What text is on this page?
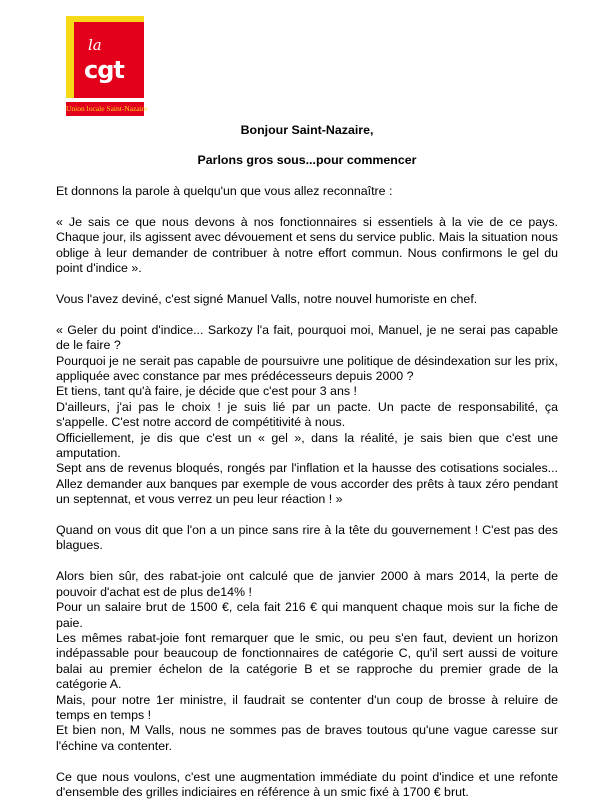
la
cgt
Union locale Saint-Nazaire

Bonjour Saint-Nazaire,

Parlons gros sous...pour commencer

Et donnons la parole à quelqu'un que vous allez reconnaître :

« Je sais ce que nous devons à nos fonctionnaires si essentiels à la vie de ce pays. Chaque jour, ils agissent avec dévouement et sens du service public. Mais la situation nous oblige à leur demander de contribuer à notre effort commun. Nous confirmons le gel du point d'indice ».

Vous l'avez deviné, c'est signé Manuel Valls, notre nouvel humoriste en chef.

« Geler du point d'indice... Sarkozy l'a fait, pourquoi moi, Manuel, je ne serai pas capable de le faire ?
Pourquoi je ne serait pas capable de poursuivre une politique de désindexation sur les prix, appliquée avec constance par mes prédécesseurs depuis 2000 ?
Et tiens, tant qu'à faire, je décide que c'est pour 3 ans !
D'ailleurs, j'ai pas le choix ! je suis lié par un pacte. Un pacte de responsabilité, ça s'appelle. C'est notre accord de compétitivité à nous.
Officiellement, je dis que c'est un « gel », dans la réalité, je sais bien que c'est une amputation.
Sept ans de revenus bloqués, rongés par l'inflation et la hausse des cotisations sociales... Allez demander aux banques par exemple de vous accorder des prêts à taux zéro pendant un septennat, et vous verrez un peu leur réaction ! »

Quand on vous dit que l'on a un pince sans rire à la tête du gouvernement ! C'est pas des blagues.

Alors bien sûr, des rabat-joie ont calculé que de janvier 2000 à mars 2014, la perte de pouvoir d'achat est de plus de14% !
Pour un salaire brut de 1500 €, cela fait 216 € qui manquent chaque mois sur la fiche de paie.
Les mêmes rabat-joie font remarquer que le smic, ou peu s'en faut, devient un horizon indépassable pour beaucoup de fonctionnaires de catégorie C, qu'il sert aussi de voiture balai au premier échelon de la catégorie B et se rapproche du premier grade de la catégorie A.
Mais, pour notre 1er ministre, il faudrait se contenter d'un coup de brosse à reluire de temps en temps !
Et bien non, M Valls, nous ne sommes pas de braves toutous qu'une vague caresse sur l'échine va contenter.

Ce que nous voulons, c'est une augmentation immédiate du point d'indice et une refonte d'ensemble des grilles indiciaires en référence à un smic fixé à 1700 € brut.
